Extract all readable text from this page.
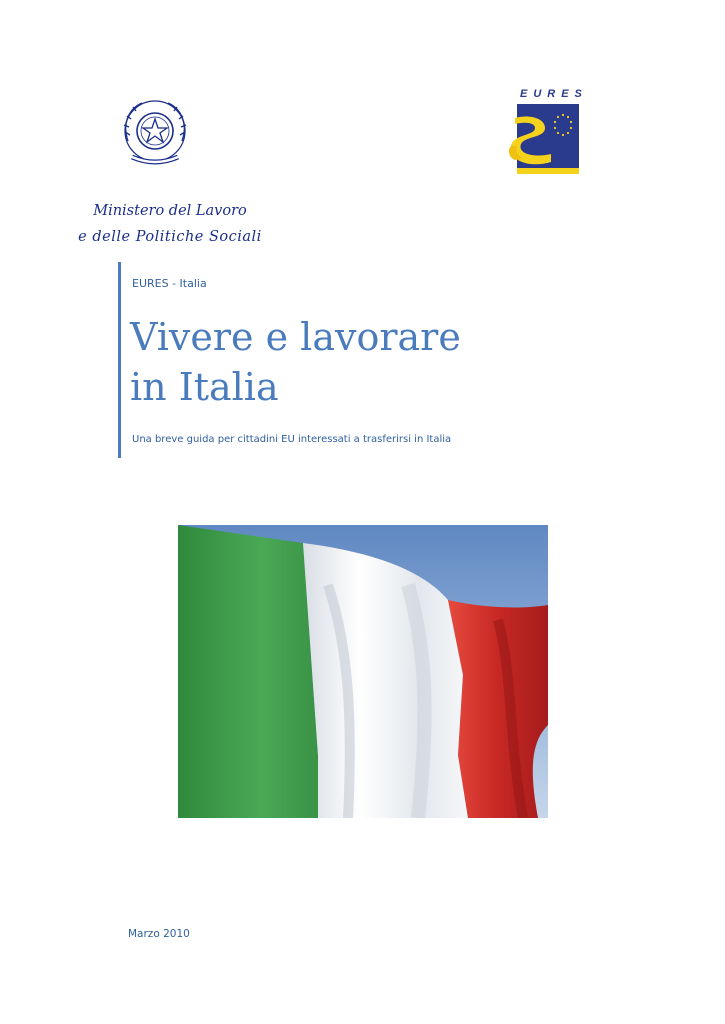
Ministero del Lavoro
e delle Politiche Sociali
EURES
EURES - Italia
Vivere e lavorare
in Italia
Una breve guida per cittadini EU interessati a trasferirsi in Italia
Marzo 2010
